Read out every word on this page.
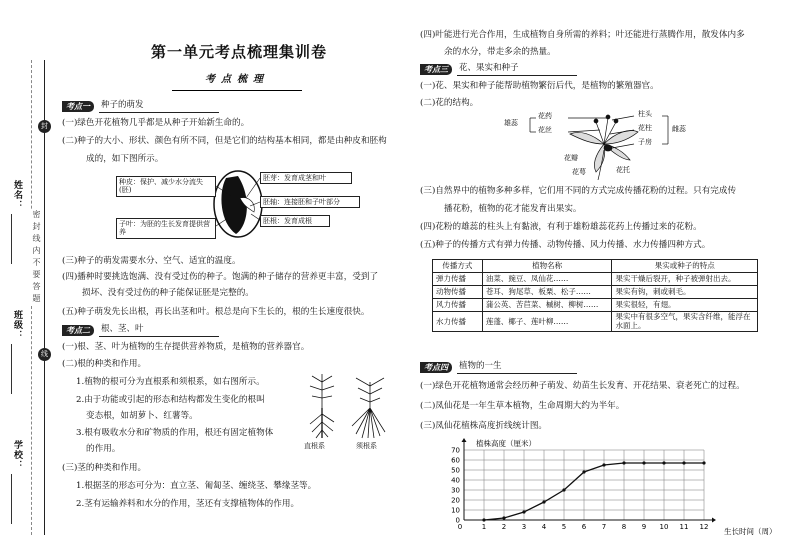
姓名：
班级：
学校：
密封线内不要答题
封
线
第一单元考点梳理集训卷
考点梳理
考点一	种子的萌发
(一)绿色开花植物几乎都是从种子开始新生命的。
(二)种子的大小、形状、颜色有所不同，但是它们的结构基本相同，都是由种皮和胚构
成的，如下图所示。
种皮：保护、减少水分流失(胚)
子叶：为胚的生长发育提供营养
胚芽：发育成茎和叶
胚轴：连接胚和子叶部分
胚根：发育成根
(三)种子的萌发需要水分、空气、适宜的温度。
(四)播种时要挑选饱满、没有受过伤的种子。饱满的种子储存的营养更丰富，受到了
损坏、没有受过伤的种子能保证胚是完整的。
(五)种子萌发先长出根，再长出茎和叶。根总是向下生长的，根的生长速度很快。
考点二	根、茎、叶
(一)根、茎、叶为植物的生存提供营养物质，是植物的营养器官。
(二)根的种类和作用。
1.植物的根可分为直根系和须根系，如右图所示。
2.由于功能或引起的形态和结构都发生变化的根叫
变态根，如胡萝卜、红薯等。
3.根有吸收水分和矿物质的作用，根还有固定植物体
的作用。
(三)茎的种类和作用。
1.根据茎的形态可分为：直立茎、匍匐茎、缠绕茎、攀缘茎等。
2.茎有运输养料和水分的作用，茎还有支撑植物体的作用。
直根系	须根系
(四)叶能进行光合作用，生成植物自身所需的养料；叶还能进行蒸腾作用，散发体内多
余的水分，带走多余的热量。
考点三	花、果实和种子
(一)花、果实和种子能帮助植物繁衍后代，是植物的繁殖器官。
(二)花的结构。
花药
花丝
雄蕊
柱头
花柱	雌蕊
子房
花瓣
花萼	花托
(三)自然界中的植物多种多样，它们用不同的方式完成传播花粉的过程。只有完成传
播花粉，植物的花才能发育出果实。
(四)花粉的雄蕊的柱头上有黏液，有利于雄粉雄蕊花药上传播过来的花粉。
(五)种子的传播方式有弹力传播、动物传播、风力传播、水力传播四种方式。
传播方式	植物名称	果实或种子的特点
弹力传播	油菜、豌豆、凤仙花……	果实干燥后裂开，种子被弹射出去。
动物传播	苍耳、狗尾草、板栗、松子……	果实有钩，刺或刺毛。
风力传播	蒲公英、苦苣菜、槭树、柳树……	果实很轻，有翅。
水力传播	莲蓬、椰子、莲叶柳……	果实中有很多空气，果实含纤维，能浮在水面上。
考点四	植物的一生
(一)绿色开花植物通常会经历种子萌发、幼苗生长发育、开花结果、衰老死亡的过程。
(二)凤仙花是一年生草本植物，生命周期大约为半年。
(三)凤仙花植株高度折线统计图。
0
10
20
30
40
50
60
70
1 2 3 4 5 6 7 8 9 10 11 12
0
植株高度（厘米）
生长时间（周）
